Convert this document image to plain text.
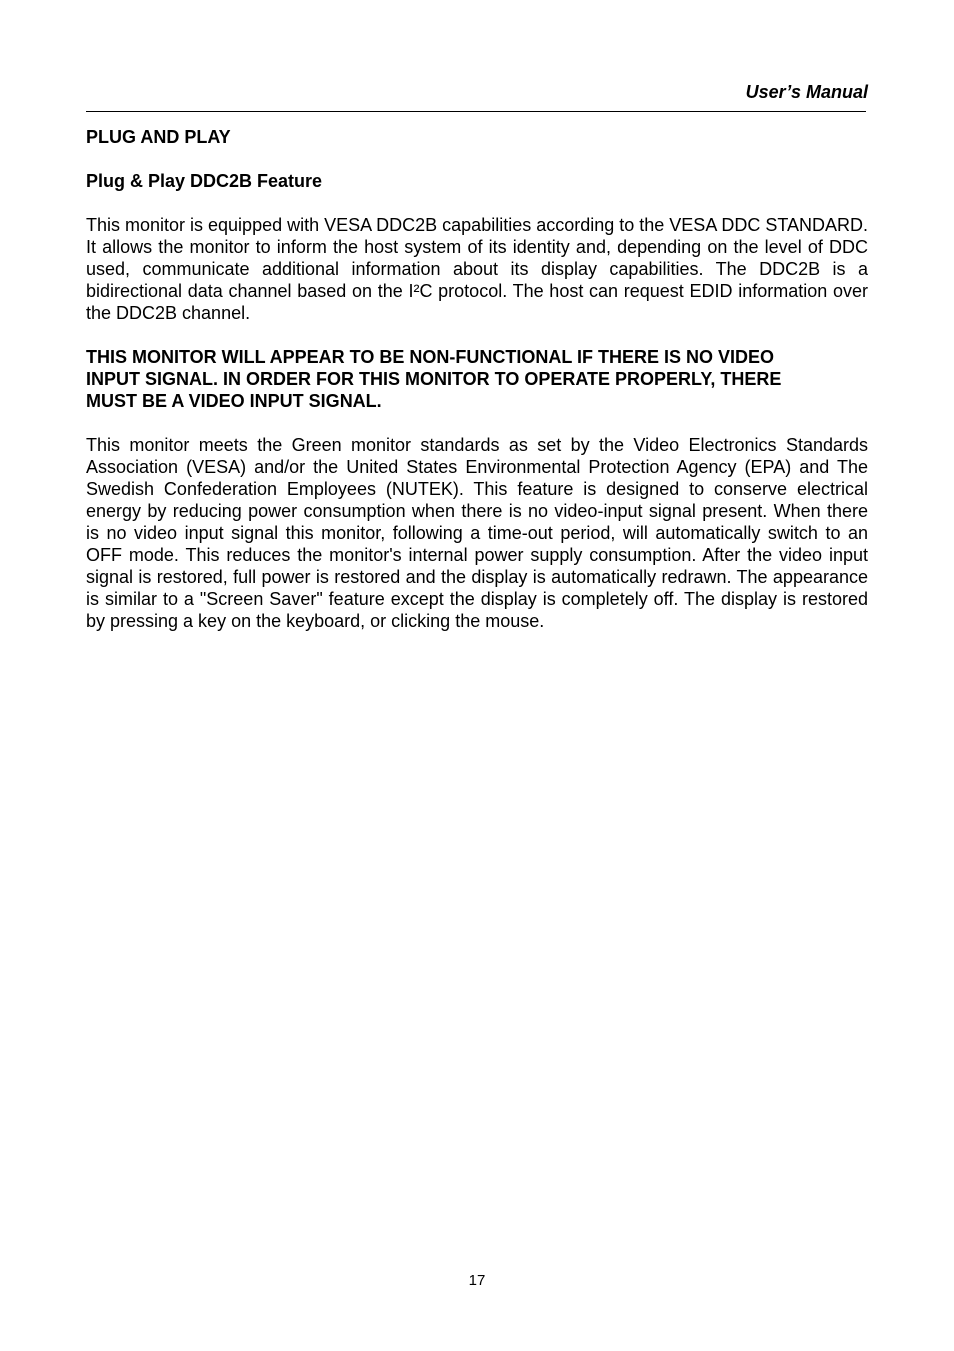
User’s Manual

PLUG AND PLAY

Plug & Play DDC2B Feature

This monitor is equipped with VESA DDC2B capabilities according to the VESA DDC STANDARD. It allows the monitor to inform the host system of its identity and, depending on the level of DDC used, communicate additional information about its display capabilities. The DDC2B is a bidirectional data channel based on the I²C protocol. The host can request EDID information over the DDC2B channel.

THIS MONITOR WILL APPEAR TO BE NON-FUNCTIONAL IF THERE IS NO VIDEO INPUT SIGNAL. IN ORDER FOR THIS MONITOR TO OPERATE PROPERLY, THERE MUST BE A VIDEO INPUT SIGNAL.

This monitor meets the Green monitor standards as set by the Video Electronics Standards Association (VESA) and/or the United States Environmental Protection Agency (EPA) and The Swedish Confederation Employees (NUTEK). This feature is designed to conserve electrical energy by reducing power consumption when there is no video-input signal present. When there is no video input signal this monitor, following a time-out period, will automatically switch to an OFF mode. This reduces the monitor's internal power supply consumption. After the video input signal is restored, full power is restored and the display is automatically redrawn. The appearance is similar to a "Screen Saver" feature except the display is completely off. The display is restored by pressing a key on the keyboard, or clicking the mouse.

17
